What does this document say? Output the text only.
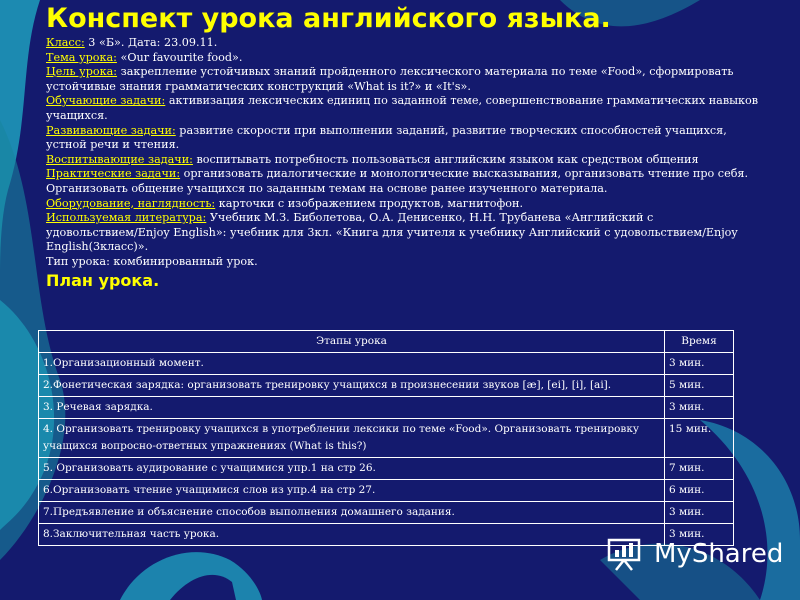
Конспект урока английского языка.
Класс: 3 «Б». Дата: 23.09.11.
Тема урока: «Our favourite food».
Цель урока: закрепление устойчивых знаний пройденного лексического материала по теме «Food», сформировать устойчивые знания грамматических конструкций «What is it?» и «It's».
Обучающие задачи: активизация лексических единиц по заданной теме, совершенствование грамматических навыков учащихся.
Развивающие задачи: развитие скорости при выполнении заданий, развитие творческих способностей учащихся, устной речи и чтения.
Воспитывающие задачи: воспитывать потребность пользоваться английским языком как средством общения
Практические задачи: организовать диалогические и монологические высказывания, организовать чтение про себя. Организовать общение учащихся по заданным темам на основе ранее изученного материала.
Оборудование, наглядность: карточки с изображением продуктов, магнитофон.
Используемая литература: Учебник М.З. Биболетова, О.А. Денисенко, Н.Н. Трубанева «Английский с удовольствием/Enjoy English»: учебник для 3кл. «Книга для учителя к учебнику Английский с удовольствием/Enjoy English(3класс)».
Тип урока: комбинированный урок.
План урока.
Этапы урока	Время
1.Организационный момент.	3 мин.
2.Фонетическая зарядка: организовать тренировку учащихся в произнесении звуков [æ], [ei], [i], [ai].	5 мин.
3. Речевая зарядка.	3 мин.
4. Организовать тренировку учащихся в употреблении лексики по теме «Food». Организовать тренировку учащихся вопросно-ответных упражнениях (What is this?)	15 мин.
5. Организовать аудирование с учащимися упр.1 на стр 26.	7 мин.
6.Организовать чтение учащимися слов из упр.4 на стр 27.	6 мин.
7.Предъявление и объяснение способов выполнения домашнего задания.	3 мин.
8.Заключительная часть урока.	3 мин.
MyShared
